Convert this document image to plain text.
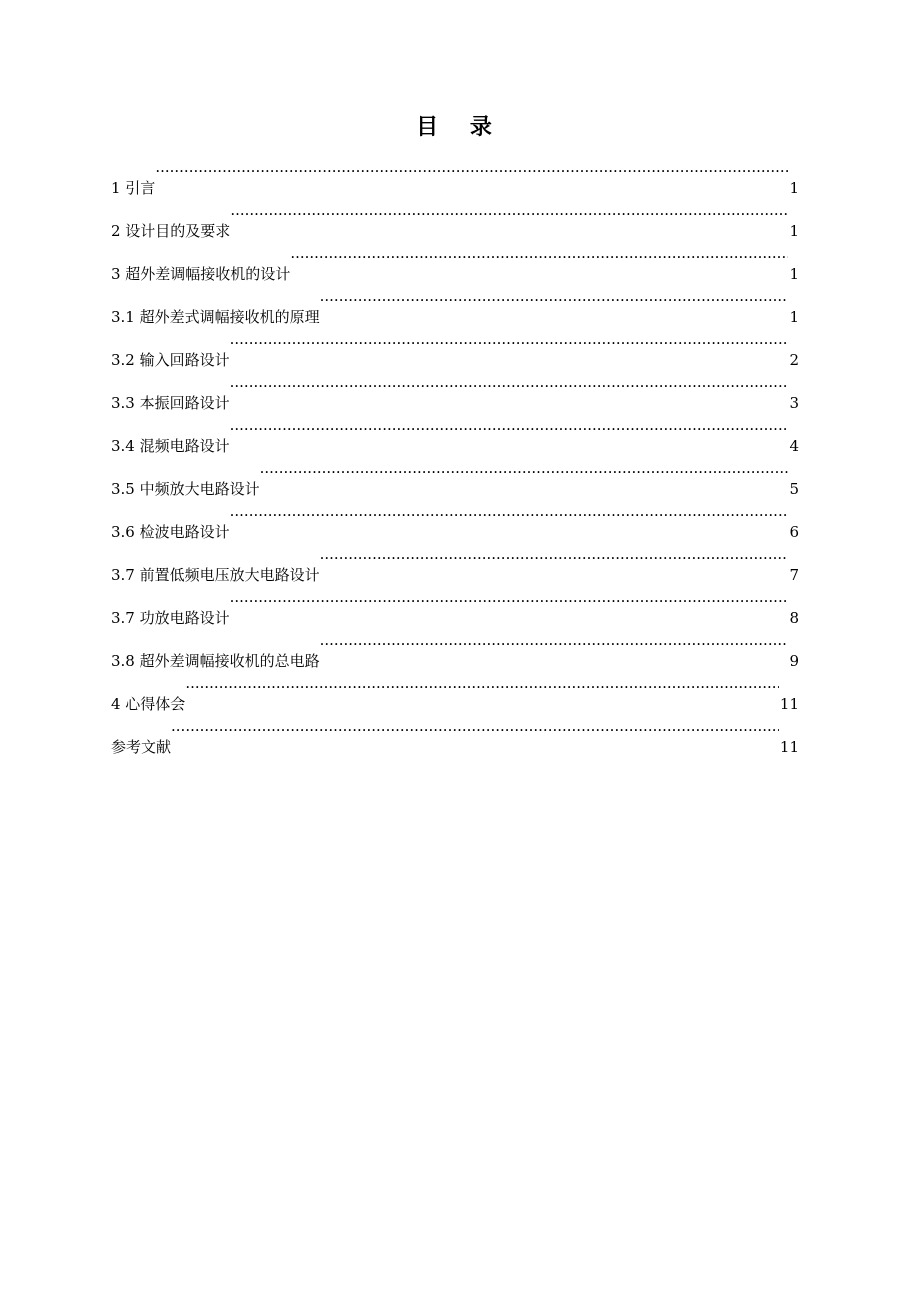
目 录
1 引言 ·····	1
2 设计目的及要求 ·····	1
3 超外差调幅接收机的设计 ·····	1
3.1 超外差式调幅接收机的原理 ·····	1
3.2 输入回路设计 ·····	2
3.3 本振回路设计 ·····	3
3.4 混频电路设计 ·····	4
3.5 中频放大电路设计 ·····	5
3.6 检波电路设计 ·····	6
3.7 前置低频电压放大电路设计 ·····	7
3.7 功放电路设计 ·····	8
3.8 超外差调幅接收机的总电路 ·····	9
4 心得体会 ·····	11
参考文献 ·····	11
